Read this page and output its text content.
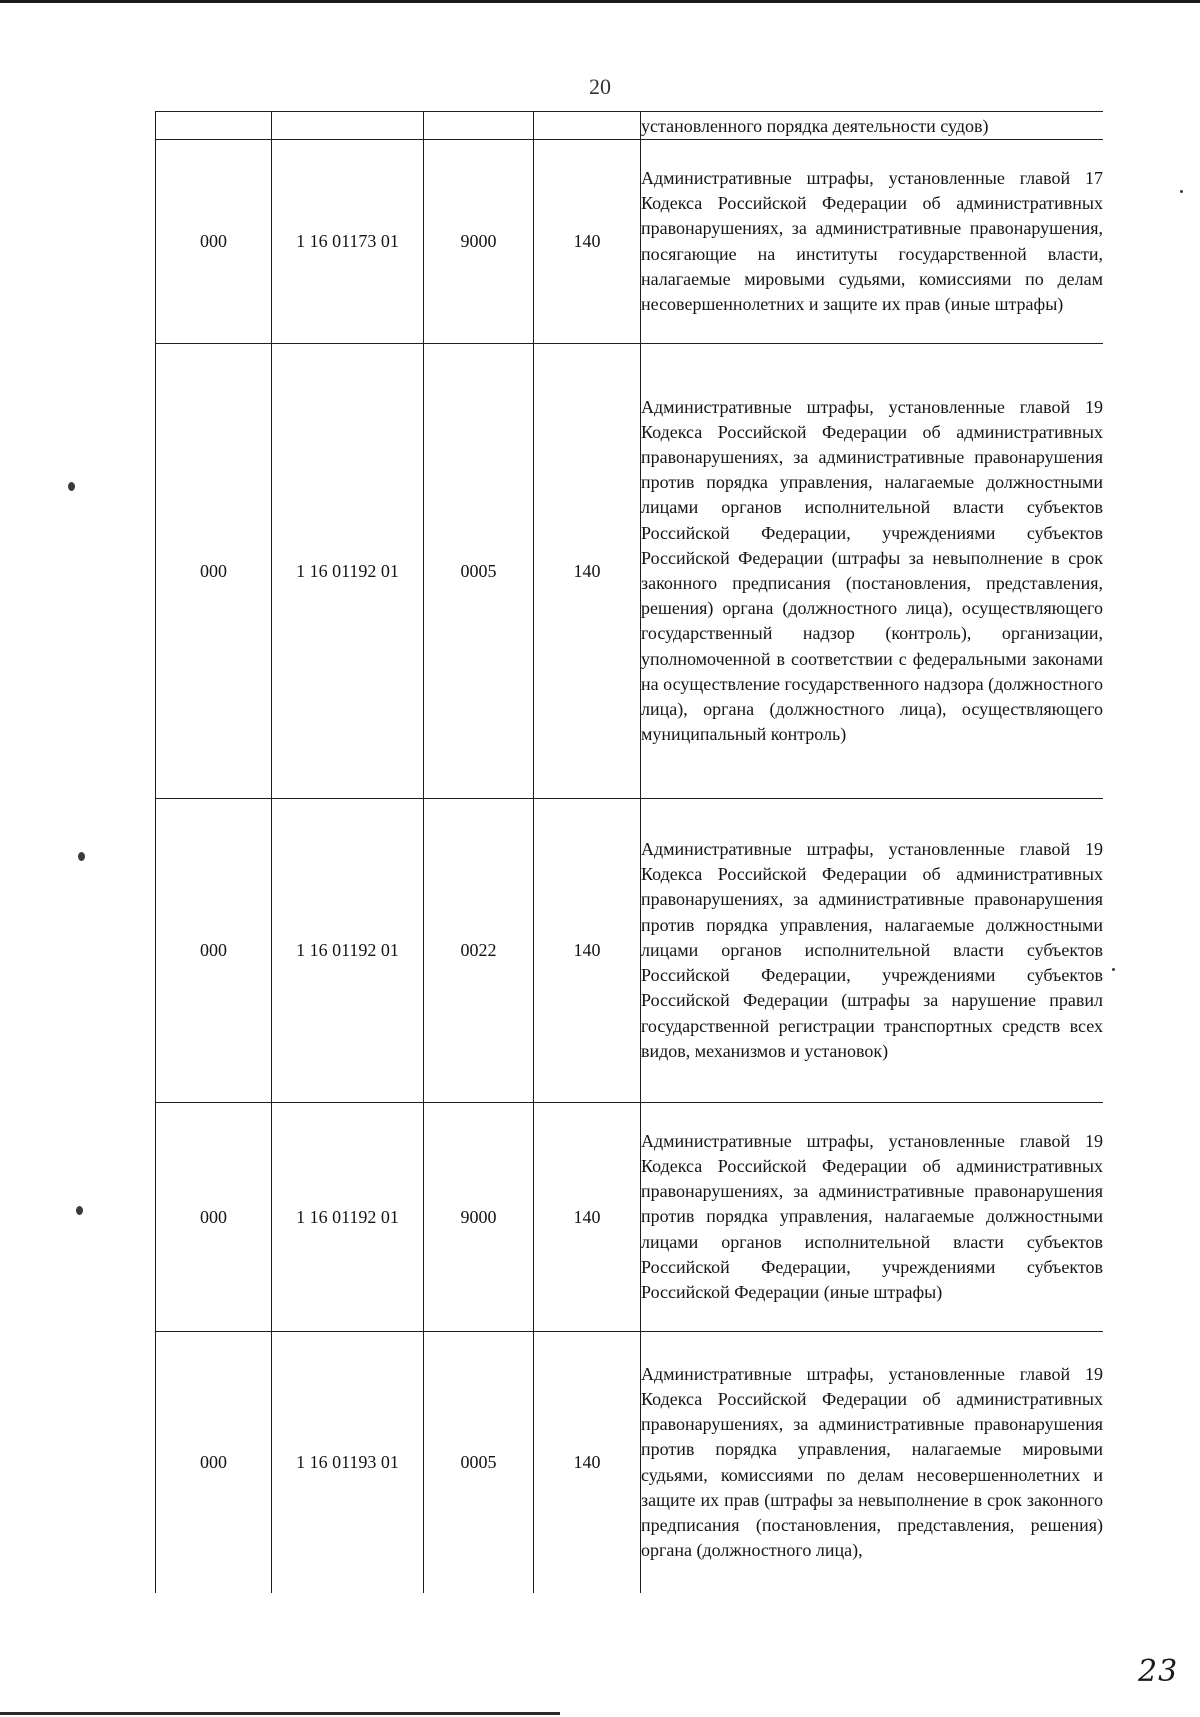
20
				установленного порядка деятельности судов)
000	1 16 01173 01	9000	140	Административные штрафы, установленные главой 17 Кодекса Российской Федерации об административных правонарушениях, за административные правонарушения, посягающие на институты государственной власти, налагаемые мировыми судьями, комиссиями по делам несовершеннолетних и защите их прав (иные штрафы)
000	1 16 01192 01	0005	140	Административные штрафы, установленные главой 19 Кодекса Российской Федерации об административных правонарушениях, за административные правонарушения против порядка управления, налагаемые должностными лицами органов исполнительной власти субъектов Российской Федерации, учреждениями субъектов Российской Федерации (штрафы за невыполнение в срок законного предписания (постановления, представления, решения) органа (должностного лица), осуществляющего государственный надзор (контроль), организации, уполномоченной в соответствии с федеральными законами на осуществление государственного надзора (должностного лица), органа (должностного лица), осуществляющего муниципальный контроль)
000	1 16 01192 01	0022	140	Административные штрафы, установленные главой 19 Кодекса Российской Федерации об административных правонарушениях, за административные правонарушения против порядка управления, налагаемые должностными лицами органов исполнительной власти субъектов Российской Федерации, учреждениями субъектов Российской Федерации (штрафы за нарушение правил государственной регистрации транспортных средств всех видов, механизмов и установок)
000	1 16 01192 01	9000	140	Административные штрафы, установленные главой 19 Кодекса Российской Федерации об административных правонарушениях, за административные правонарушения против порядка управления, налагаемые должностными лицами органов исполнительной власти субъектов Российской Федерации, учреждениями субъектов Российской Федерации (иные штрафы)
000	1 16 01193 01	0005	140	Административные штрафы, установленные главой 19 Кодекса Российской Федерации об административных правонарушениях, за административные правонарушения против порядка управления, налагаемые мировыми судьями, комиссиями по делам несовершеннолетних и защите их прав (штрафы за невыполнение в срок законного предписания (постановления, представления, решения) органа (должностного лица),
23
